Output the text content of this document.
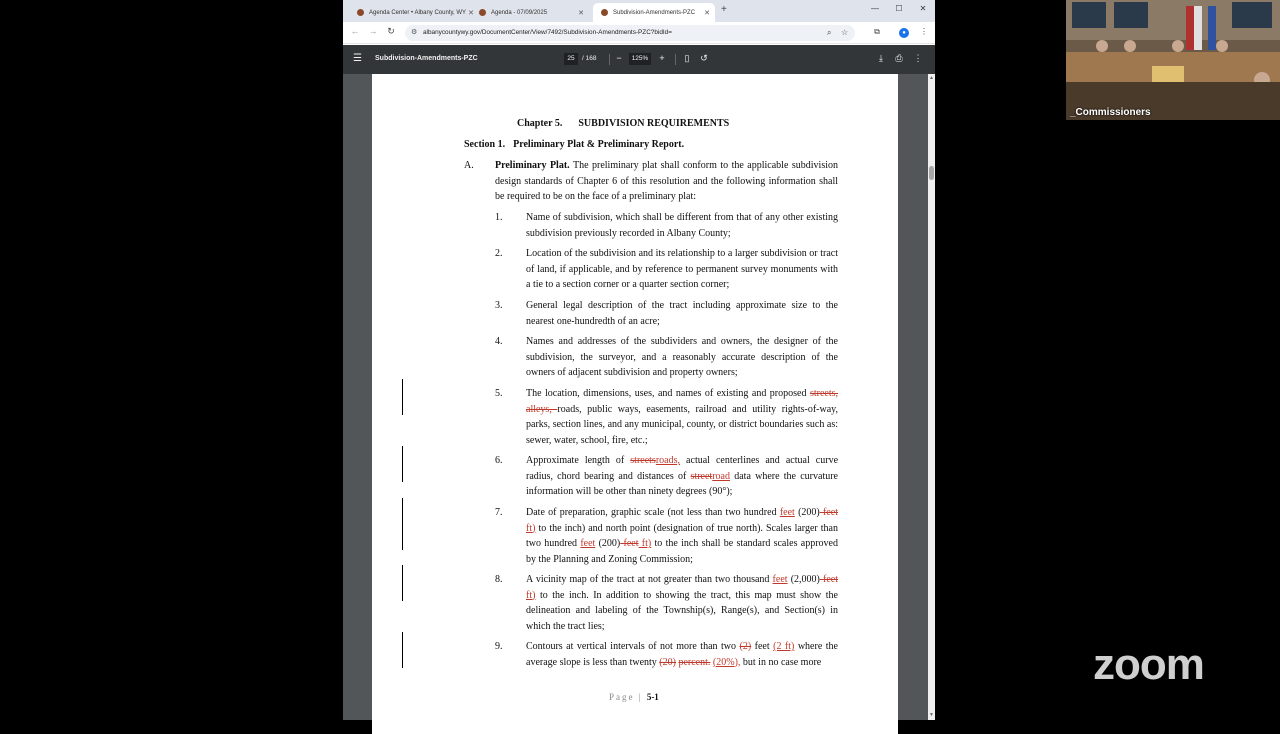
Agenda Center • Albany County, WY ✕	Agenda - 07/09/2025	✕	Subdivision-Amendments-PZC	✕ +	—	☐	✕
← → ↻	⚙ albanycountywy.gov/DocumentCenter/View/7492/Subdivision-Amendments-PZC?bidId=	⌕ ☆	⧉	●	⋮
☰ Subdivision-Amendments-PZC	25	/ 168	−	125%	+	▯	↺	⤓	⎙ ⋮
Chapter 5. SUBDIVISION REQUIREMENTS
Section 1. Preliminary Plat & Preliminary Report.
A. Preliminary Plat. The preliminary plat shall conform to the applicable subdivision design standards of Chapter 6 of this resolution and the following information shall be required to be on the face of a preliminary plat:
1. Name of subdivision, which shall be different from that of any other existing subdivision previously recorded in Albany County;
2. Location of the subdivision and its relationship to a larger subdivision or tract of land, if applicable, and by reference to permanent survey monuments with a tie to a section corner or a quarter section corner;
3. General legal description of the tract including approximate size to the nearest one-hundredth of an acre;
4. Names and addresses of the subdividers and owners, the designer of the subdivision, the surveyor, and a reasonably accurate description of the owners of adjacent subdivision and property owners;
5. The location, dimensions, uses, and names of existing and proposed streets, alleys, roads, public ways, easements, railroad and utility rights-of-way, parks, section lines, and any municipal, county, or district boundaries such as: sewer, water, school, fire, etc.;
6. Approximate length of streetsroads, actual centerlines and actual curve radius, chord bearing and distances of streetroad data where the curvature information will be other than ninety degrees (90°);
7. Date of preparation, graphic scale (not less than two hundred feet (200) feet ft) to the inch) and north point (designation of true north). Scales larger than two hundred feet (200) feet ft) to the inch shall be standard scales approved by the Planning and Zoning Commission;
8. A vicinity map of the tract at not greater than two thousand feet (2,000) feet ft) to the inch. In addition to showing the tract, this map must show the delineation and labeling of the Township(s), Range(s), and Section(s) in which the tract lies;
9. Contours at vertical intervals of not more than two (2) feet (2 ft) where the average slope is less than twenty (20) percent. (20%), but in no case more
Page | 5-1
▲
▼
_Commissioners
zoom
